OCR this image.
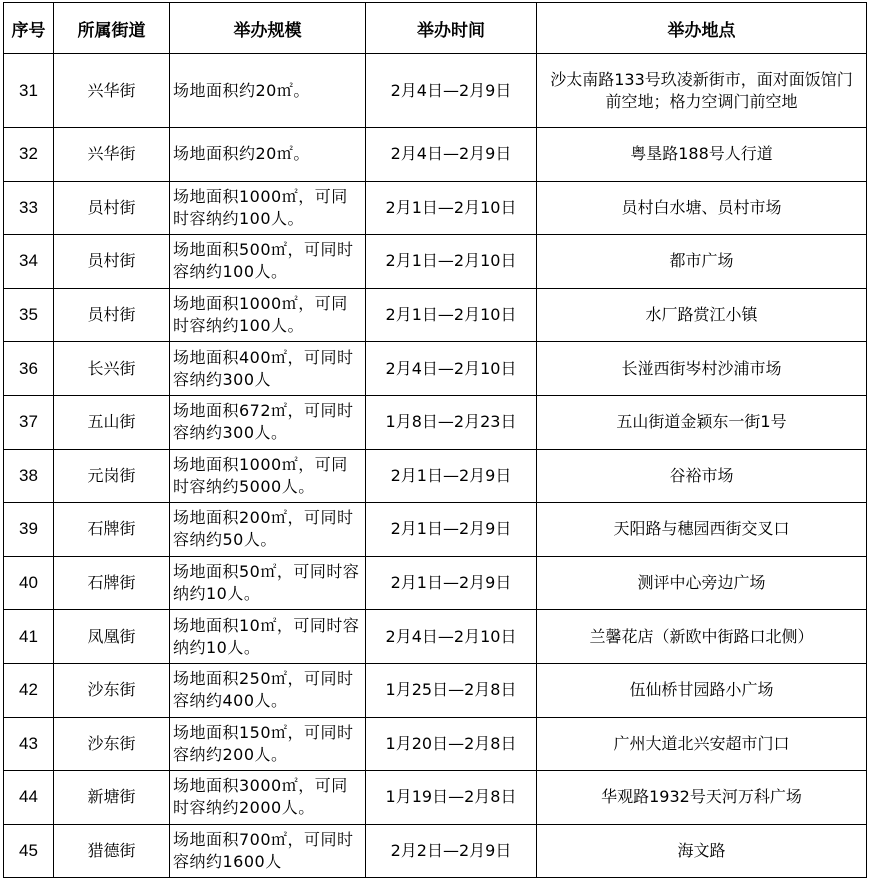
序号	所属街道	举办规模	举办时间	举办地点
31	兴华街	场地面积约20㎡。	2月4日—2月9日	沙太南路133号玖凌新街市，面对面饭馆门前空地；格力空调门前空地
32	兴华街	场地面积约20㎡。	2月4日—2月9日	粤垦路188号人行道
33	员村街	场地面积1000㎡，可同时容纳约100人。	2月1日—2月10日	员村白水塘、员村市场
34	员村街	场地面积500㎡，可同时容纳约100人。	2月1日—2月10日	都市广场
35	员村街	场地面积1000㎡，可同时容纳约100人。	2月1日—2月10日	水厂路赏江小镇
36	长兴街	场地面积400㎡，可同时容纳约300人	2月4日—2月10日	长湴西街岑村沙浦市场
37	五山街	场地面积672㎡，可同时容纳约300人。	1月8日—2月23日	五山街道金颖东一街1号
38	元岗街	场地面积1000㎡，可同时容纳约5000人。	2月1日—2月9日	谷裕市场
39	石牌街	场地面积200㎡，可同时容纳约50人。	2月1日—2月9日	天阳路与穗园西街交叉口
40	石牌街	场地面积50㎡，可同时容纳约10人。	2月1日—2月9日	测评中心旁边广场
41	凤凰街	场地面积10㎡，可同时容纳约10人。	2月4日—2月10日	兰馨花店（新欧中街路口北侧）
42	沙东街	场地面积250㎡，可同时容纳约400人。	1月25日—2月8日	伍仙桥甘园路小广场
43	沙东街	场地面积150㎡，可同时容纳约200人。	1月20日—2月8日	广州大道北兴安超市门口
44	新塘街	场地面积3000㎡，可同时容纳约2000人。	1月19日—2月8日	华观路1932号天河万科广场
45	猎德街	场地面积700㎡，可同时容纳约1600人	2月2日—2月9日	海文路
